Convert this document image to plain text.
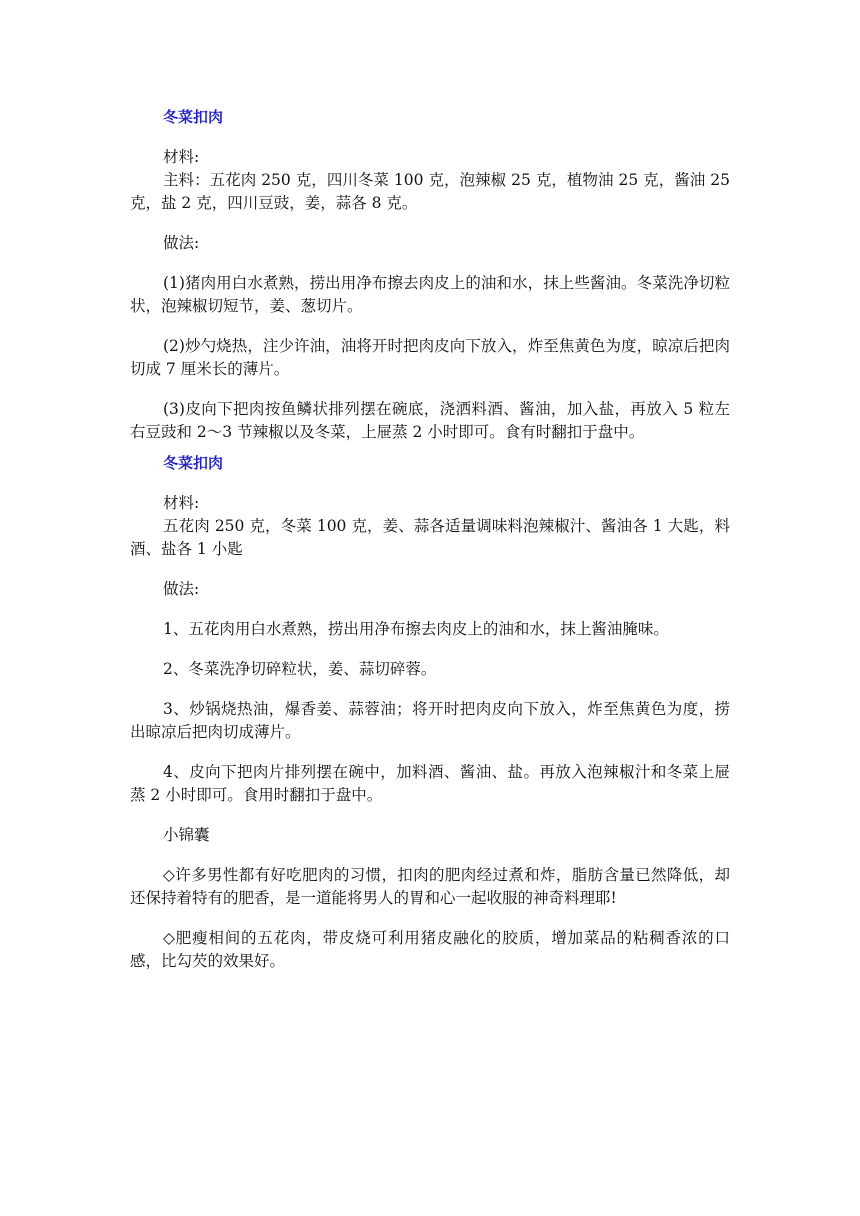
冬菜扣肉

材料:

主料：五花肉 250 克，四川冬菜 100 克，泡辣椒 25 克，植物油 25 克，酱油 25 克，盐 2 克，四川豆豉，姜，蒜各 8 克。

做法:

(1)猪肉用白水煮熟，捞出用净布擦去肉皮上的油和水，抹上些酱油。冬菜洗净切粒状，泡辣椒切短节，姜、葱切片。

(2)炒勺烧热，注少许油，油将开时把肉皮向下放入，炸至焦黄色为度，晾凉后把肉切成 7 厘米长的薄片。

(3)皮向下把肉按鱼鳞状排列摆在碗底，浇洒料酒、酱油，加入盐，再放入 5 粒左右豆豉和 2～3 节辣椒以及冬菜，上屉蒸 2 小时即可。食有时翻扣于盘中。

冬菜扣肉

材料:

五花肉 250 克，冬菜 100 克，姜、蒜各适量调味料泡辣椒汁、酱油各 1 大匙，料酒、盐各 1 小匙

做法:

1、五花肉用白水煮熟，捞出用净布擦去肉皮上的油和水，抹上酱油腌味。

2、冬菜洗净切碎粒状，姜、蒜切碎蓉。

3、炒锅烧热油，爆香姜、蒜蓉油；将开时把肉皮向下放入，炸至焦黄色为度，捞出晾凉后把肉切成薄片。

4、皮向下把肉片排列摆在碗中，加料酒、酱油、盐。再放入泡辣椒汁和冬菜上屉蒸 2 小时即可。食用时翻扣于盘中。

小锦囊

◇许多男性都有好吃肥肉的习惯，扣肉的肥肉经过煮和炸，脂肪含量已然降低，却还保持着特有的肥香，是一道能将男人的胃和心一起收服的神奇料理耶!

◇肥瘦相间的五花肉，带皮烧可利用猪皮融化的胶质，增加菜品的粘稠香浓的口感，比勾芡的效果好。
